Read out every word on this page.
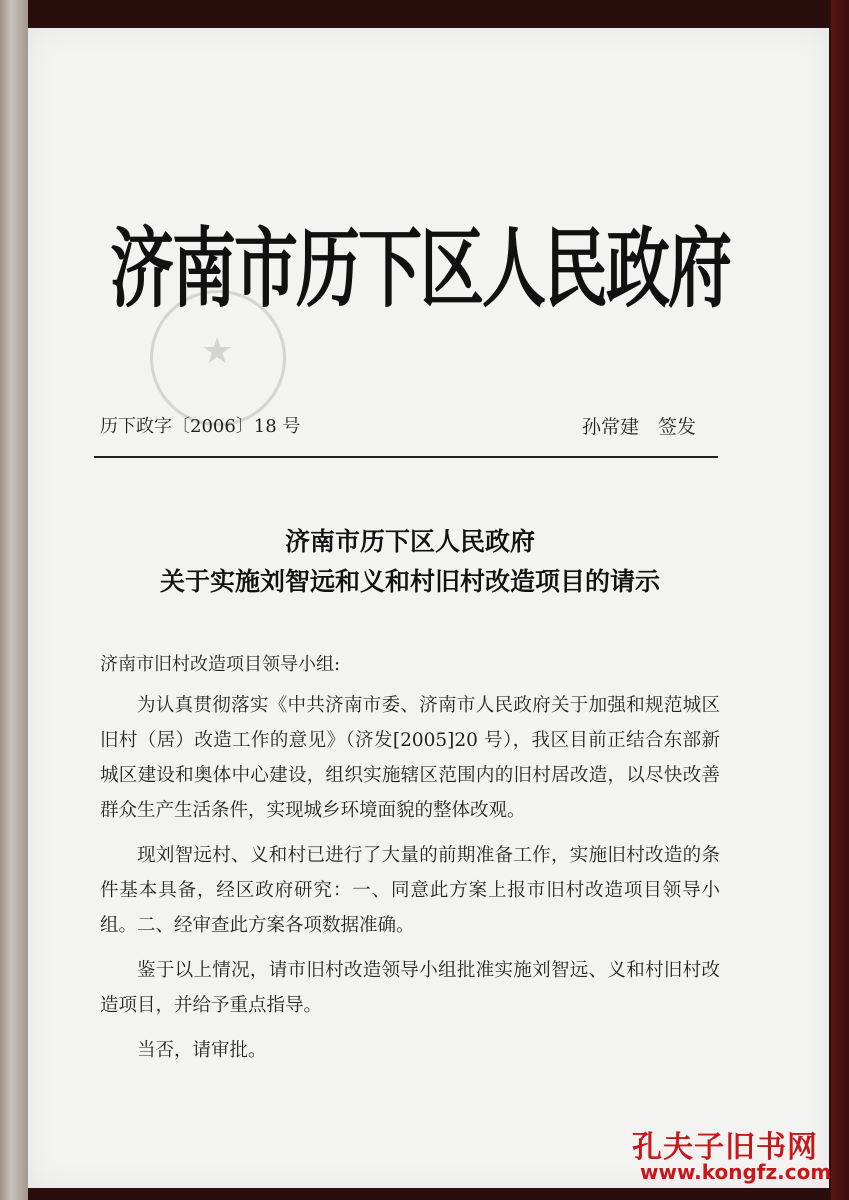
★
济南市历下区人民政府
历下政字〔2006〕18 号	孙常建　签发
济南市历下区人民政府
关于实施刘智远和义和村旧村改造项目的请示
济南市旧村改造项目领导小组:

为认真贯彻落实《中共济南市委、济南市人民政府关于加强和规范城区旧村（居）改造工作的意见》（济发[2005]20 号），我区目前正结合东部新城区建设和奥体中心建设，组织实施辖区范围内的旧村居改造，以尽快改善群众生产生活条件，实现城乡环境面貌的整体改观。

现刘智远村、义和村已进行了大量的前期准备工作，实施旧村改造的条件基本具备，经区政府研究：一、同意此方案上报市旧村改造项目领导小组。二、经审查此方案各项数据准确。

鉴于以上情况，请市旧村改造领导小组批准实施刘智远、义和村旧村改造项目，并给予重点指导。

当否，请审批。

孔夫子旧书网
www.kongfz.com
